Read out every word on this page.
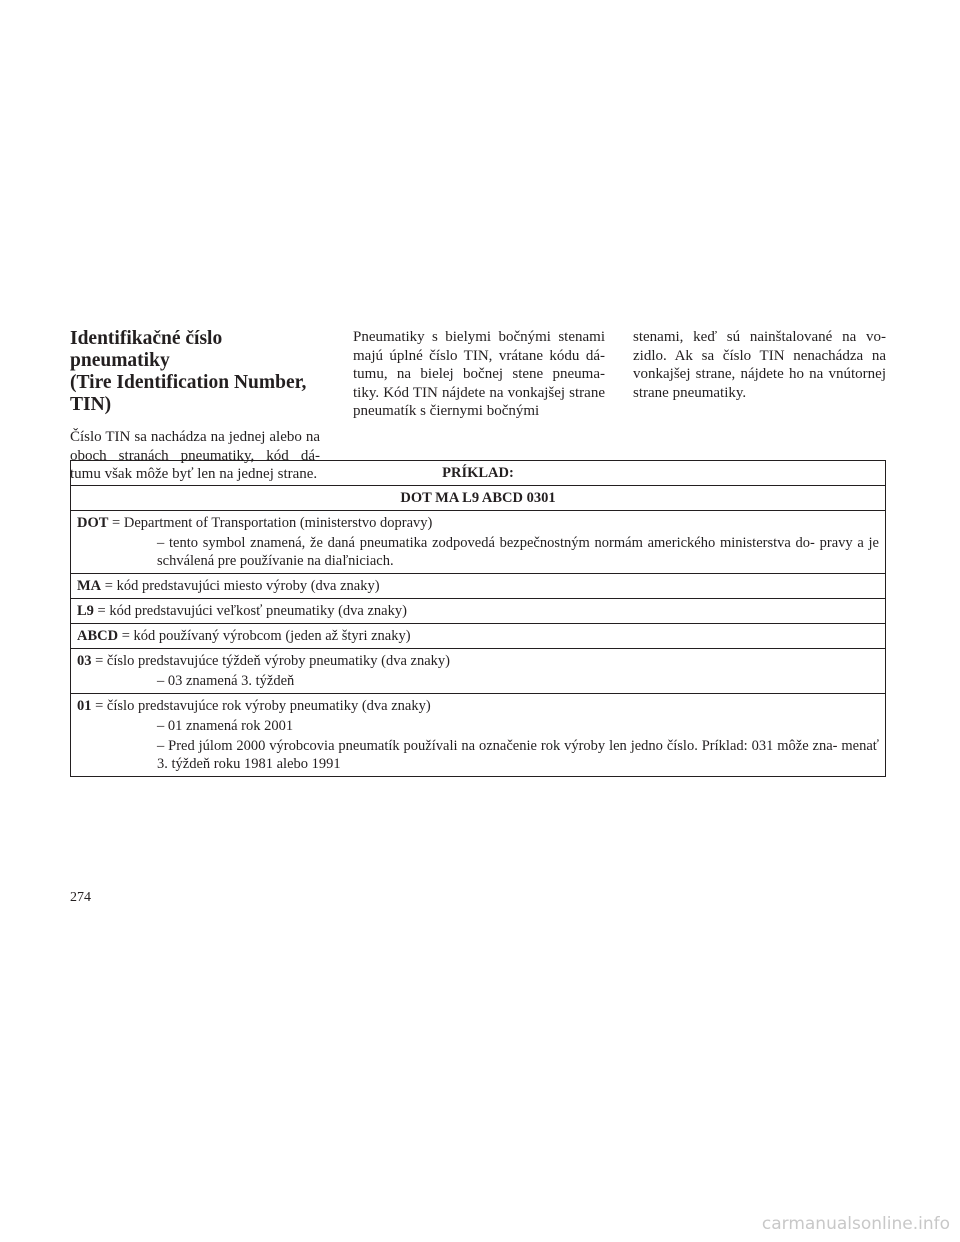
Identifikačné číslo pneumatiky
(Tire Identification Number,
TIN)

Číslo TIN sa nachádza na jednej alebo na oboch stranách pneumatiky, kód dá- tumu však môže byť len na jednej strane.

Pneumatiky s bielymi bočnými stenami majú úplné číslo TIN, vrátane kódu dá- tumu, na bielej bočnej stene pneuma- tiky. Kód TIN nájdete na vonkajšej strane pneumatík s čiernymi bočnými

stenami, keď sú nainštalované na vo- zidlo. Ak sa číslo TIN nenachádza na vonkajšej strane, nájdete ho na vnútornej strane pneumatiky.

PRÍKLAD:
DOT MA L9 ABCD 0301

DOT = Department of Transportation (ministerstvo dopravy)
– tento symbol znamená, že daná pneumatika zodpovedá bezpečnostným normám amerického ministerstva do- pravy a je schválená pre používanie na diaľniciach.

MA = kód predstavujúci miesto výroby (dva znaky)

L9 = kód predstavujúci veľkosť pneumatiky (dva znaky)

ABCD = kód používaný výrobcom (jeden až štyri znaky)

03 = číslo predstavujúce týždeň výroby pneumatiky (dva znaky)
– 03 znamená 3. týždeň

01 = číslo predstavujúce rok výroby pneumatiky (dva znaky)
– 01 znamená rok 2001
– Pred júlom 2000 výrobcovia pneumatík používali na označenie rok výroby len jedno číslo. Príklad: 031 môže zna- menať 3. týždeň roku 1981 alebo 1991
274
carmanualsonline.info
